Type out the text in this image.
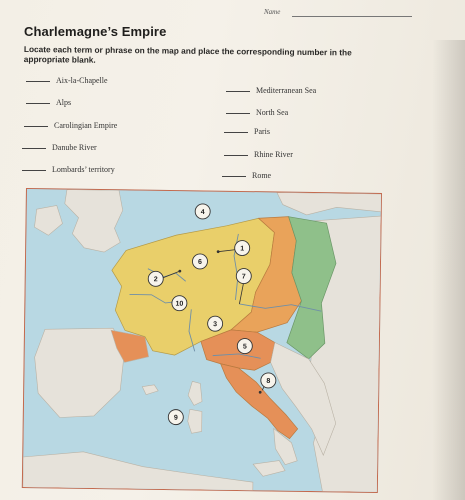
Name
Charlemagne’s Empire
Locate each term or phrase on the map and place the corresponding number in the appropriate blank.
Aix-la-Chapelle
Alps
Carolingian Empire
Danube River
Lombards’ territory
Mediterranean Sea
North Sea
Paris
Rhine River
Rome
1
2
3
4
5
6
7
8
9
10
